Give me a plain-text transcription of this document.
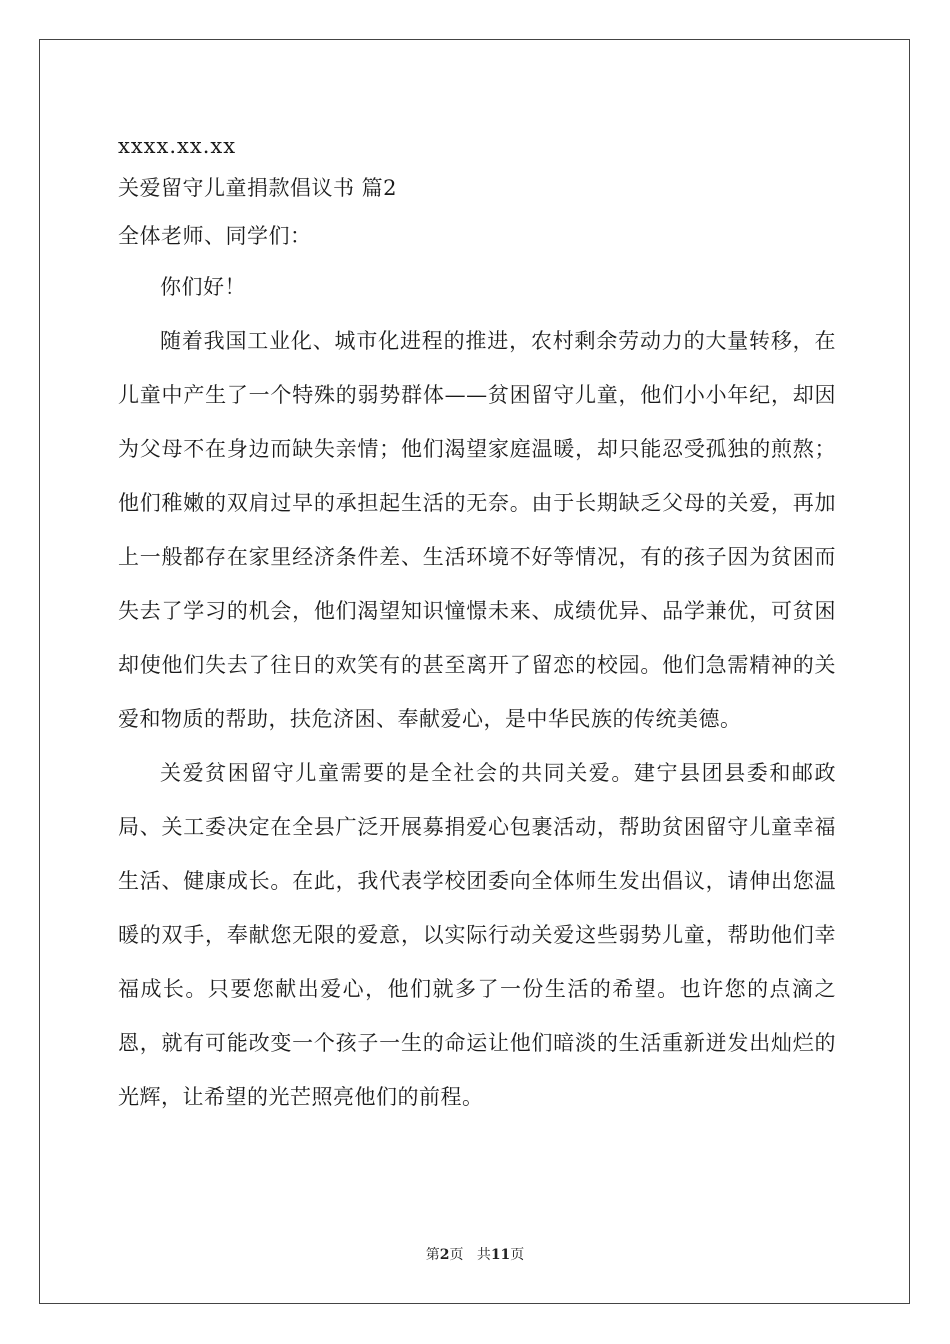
xxxx.xx.xx
关爱留守儿童捐款倡议书 篇2
全体老师、同学们：

你们好！

随着我国工业化、城市化进程的推进，农村剩余劳动力的大量转移，在儿童中产生了一个特殊的弱势群体——贫困留守儿童，他们小小年纪，却因为父母不在身边而缺失亲情；他们渴望家庭温暖，却只能忍受孤独的煎熬；他们稚嫩的双肩过早的承担起生活的无奈。由于长期缺乏父母的关爱，再加上一般都存在家里经济条件差、生活环境不好等情况，有的孩子因为贫困而失去了学习的机会，他们渴望知识憧憬未来、成绩优异、品学兼优，可贫困却使他们失去了往日的欢笑有的甚至离开了留恋的校园。他们急需精神的关爱和物质的帮助，扶危济困、奉献爱心，是中华民族的传统美德。

关爱贫困留守儿童需要的是全社会的共同关爱。建宁县团县委和邮政局、关工委决定在全县广泛开展募捐爱心包裹活动，帮助贫困留守儿童幸福生活、健康成长。在此，我代表学校团委向全体师生发出倡议，请伸出您温暖的双手，奉献您无限的爱意，以实际行动关爱这些弱势儿童，帮助他们幸福成长。只要您献出爱心，他们就多了一份生活的希望。也许您的点滴之恩，就有可能改变一个孩子一生的命运让他们暗淡的生活重新迸发出灿烂的光辉，让希望的光芒照亮他们的前程。

第2页 共11页
